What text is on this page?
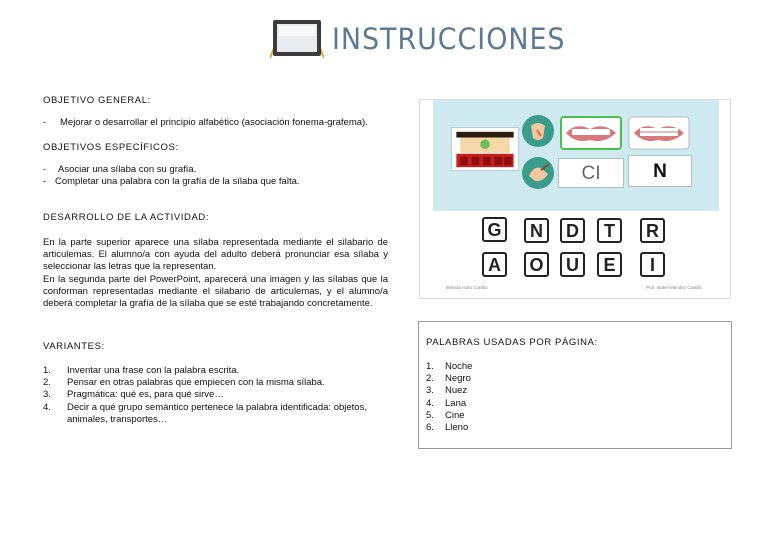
INSTRUCCIONES
OBJETIVO GENERAL:
-	Mejorar o desarrollar el principio alfabético (asociación fonema-grafema).
OBJETIVOS ESPECÍFICOS:
-	Asociar una sílaba con su grafía.
- Completar una palabra con la grafía de la sílaba que falta.
DESARROLLO DE LA ACTIVIDAD:
En la parte superior aparece una sílaba representada mediante el silabario de articulemas. El alumno/a con ayuda del adulto deberá pronunciar esa sílaba y seleccionar las letras que la representan.
En la segunda parte del PowerPoint, aparecerá una imagen y las sílabas que la conforman representadas mediante el silabario de articulemas, y el alumno/a deberá completar la grafía de la sílaba que se esté trabajando concretamente.
VARIANTES:
1.	Inventar una frase con la palabra escrita.
2.	Pensar en otras palabras que empiecen con la misma sílaba.
3.	Pragmática: qué es, para qué sirve…
4.	Decir a qué grupo semántico pertenece la palabra identificada: objetos, animales, transportes…
CI	N
G	N	D	T	R
A	O	U	E	I
Belinda Haro Cordito	Prof. Isabel Mendez Castillo
PALABRAS USADAS POR PÁGINA:
1.	Noche
2.	Negro
3.	Nuez
4.	Lana
5.	Cine
6.	Lleno
